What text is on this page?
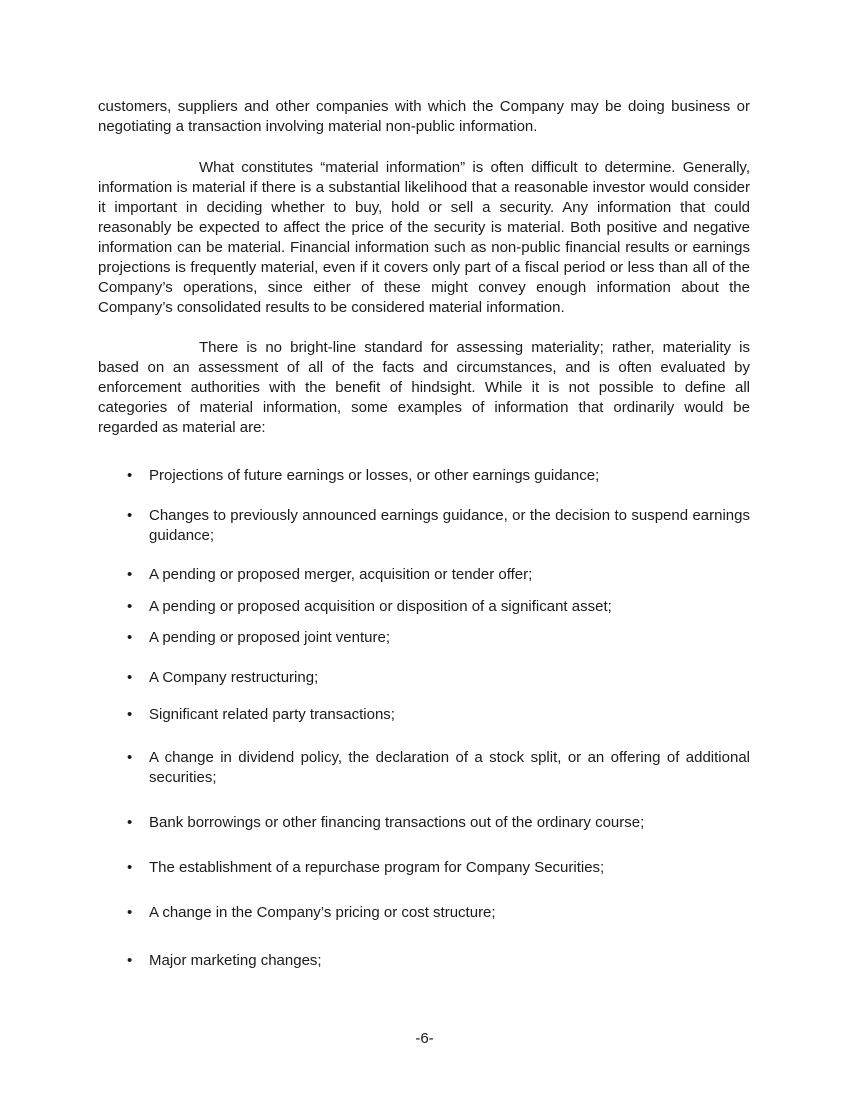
customers, suppliers and other companies with which the Company may be doing business or negotiating a transaction involving material non-public information.

What constitutes “material information” is often difficult to determine. Generally, information is material if there is a substantial likelihood that a reasonable investor would consider it important in deciding whether to buy, hold or sell a security. Any information that could reasonably be expected to affect the price of the security is material. Both positive and negative information can be material. Financial information such as non-public financial results or earnings projections is frequently material, even if it covers only part of a fiscal period or less than all of the Company’s operations, since either of these might convey enough information about the Company’s consolidated results to be considered material information.

There is no bright-line standard for assessing materiality; rather, materiality is based on an assessment of all of the facts and circumstances, and is often evaluated by enforcement authorities with the benefit of hindsight. While it is not possible to define all categories of material information, some examples of information that ordinarily would be regarded as material are:

• Projections of future earnings or losses, or other earnings guidance;
• Changes to previously announced earnings guidance, or the decision to suspend earnings guidance;
• A pending or proposed merger, acquisition or tender offer;
• A pending or proposed acquisition or disposition of a significant asset;
• A pending or proposed joint venture;
• A Company restructuring;
• Significant related party transactions;
• A change in dividend policy, the declaration of a stock split, or an offering of additional securities;
• Bank borrowings or other financing transactions out of the ordinary course;
• The establishment of a repurchase program for Company Securities;
• A change in the Company’s pricing or cost structure;
• Major marketing changes;
-6-
